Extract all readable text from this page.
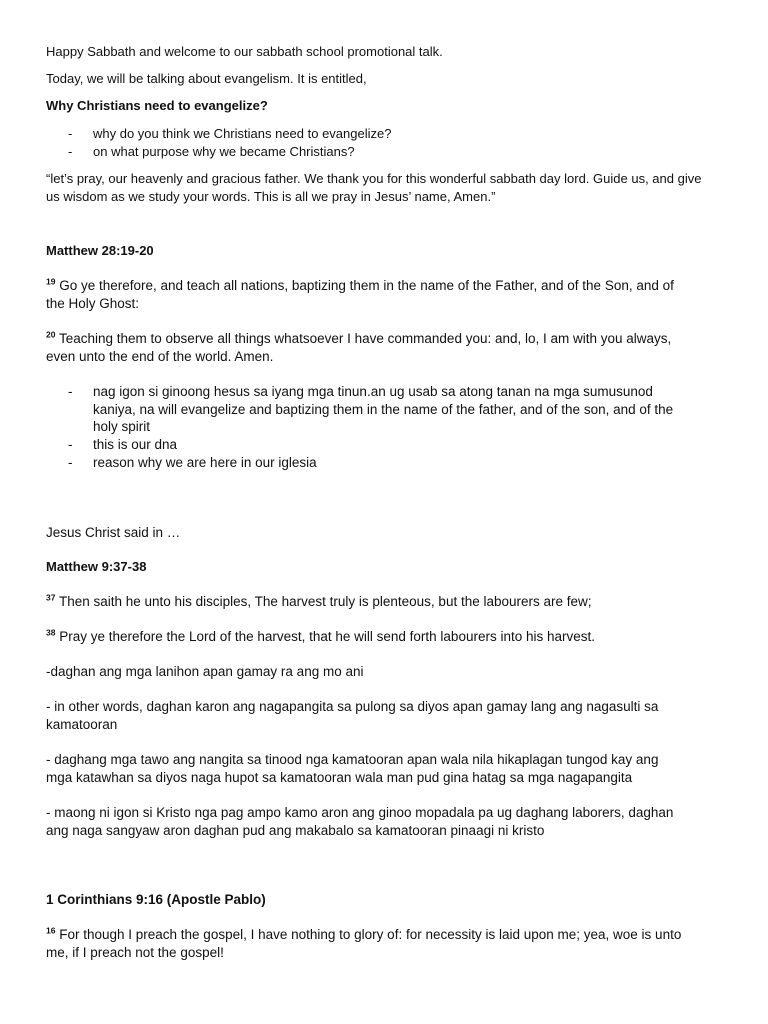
Happy Sabbath and welcome to our sabbath school promotional talk.

Today, we will be talking about evangelism. It is entitled,

Why Christians need to evangelize?

- why do you think we Christians need to evangelize?
- on what purpose why we became Christians?

“let’s pray, our heavenly and gracious father. We thank you for this wonderful sabbath day lord. Guide us, and give

us wisdom as we study your words. This is all we pray in Jesus’ name, Amen.”

Matthew 28:19-20

$^{19}$ Go ye therefore, and teach all nations, baptizing them in the name of the Father, and of the Son, and of

the Holy Ghost:

$^{20}$ Teaching them to observe all things whatsoever I have commanded you: and, lo, I am with you always,

even unto the end of the world. Amen.

- nag igon si ginoong hesus sa iyang mga tinun.an ug usab sa atong tanan na mga sumusunod
kaniya, na will evangelize and baptizing them in the name of the father, and of the son, and of the
holy spirit
- this is our dna
- reason why we are here in our iglesia

Jesus Christ said in …

Matthew 9:37-38

$^{37}$ Then saith he unto his disciples, The harvest truly is plenteous, but the labourers are few;

$^{38}$ Pray ye therefore the Lord of the harvest, that he will send forth labourers into his harvest.

-daghan ang mga lanihon apan gamay ra ang mo ani

- in other words, daghan karon ang nagapangita sa pulong sa diyos apan gamay lang ang nagasulti sa

kamatooran

- daghang mga tawo ang nangita sa tinood nga kamatooran apan wala nila hikaplagan tungod kay ang

mga katawhan sa diyos naga hupot sa kamatooran wala man pud gina hatag sa mga nagapangita

- maong ni igon si Kristo nga pag ampo kamo aron ang ginoo mopadala pa ug daghang laborers, daghan

ang naga sangyaw aron daghan pud ang makabalo sa kamatooran pinaagi ni kristo

1 Corinthians 9:16 (Apostle Pablo)

$^{16}$ For though I preach the gospel, I have nothing to glory of: for necessity is laid upon me; yea, woe is unto

me, if I preach not the gospel!
